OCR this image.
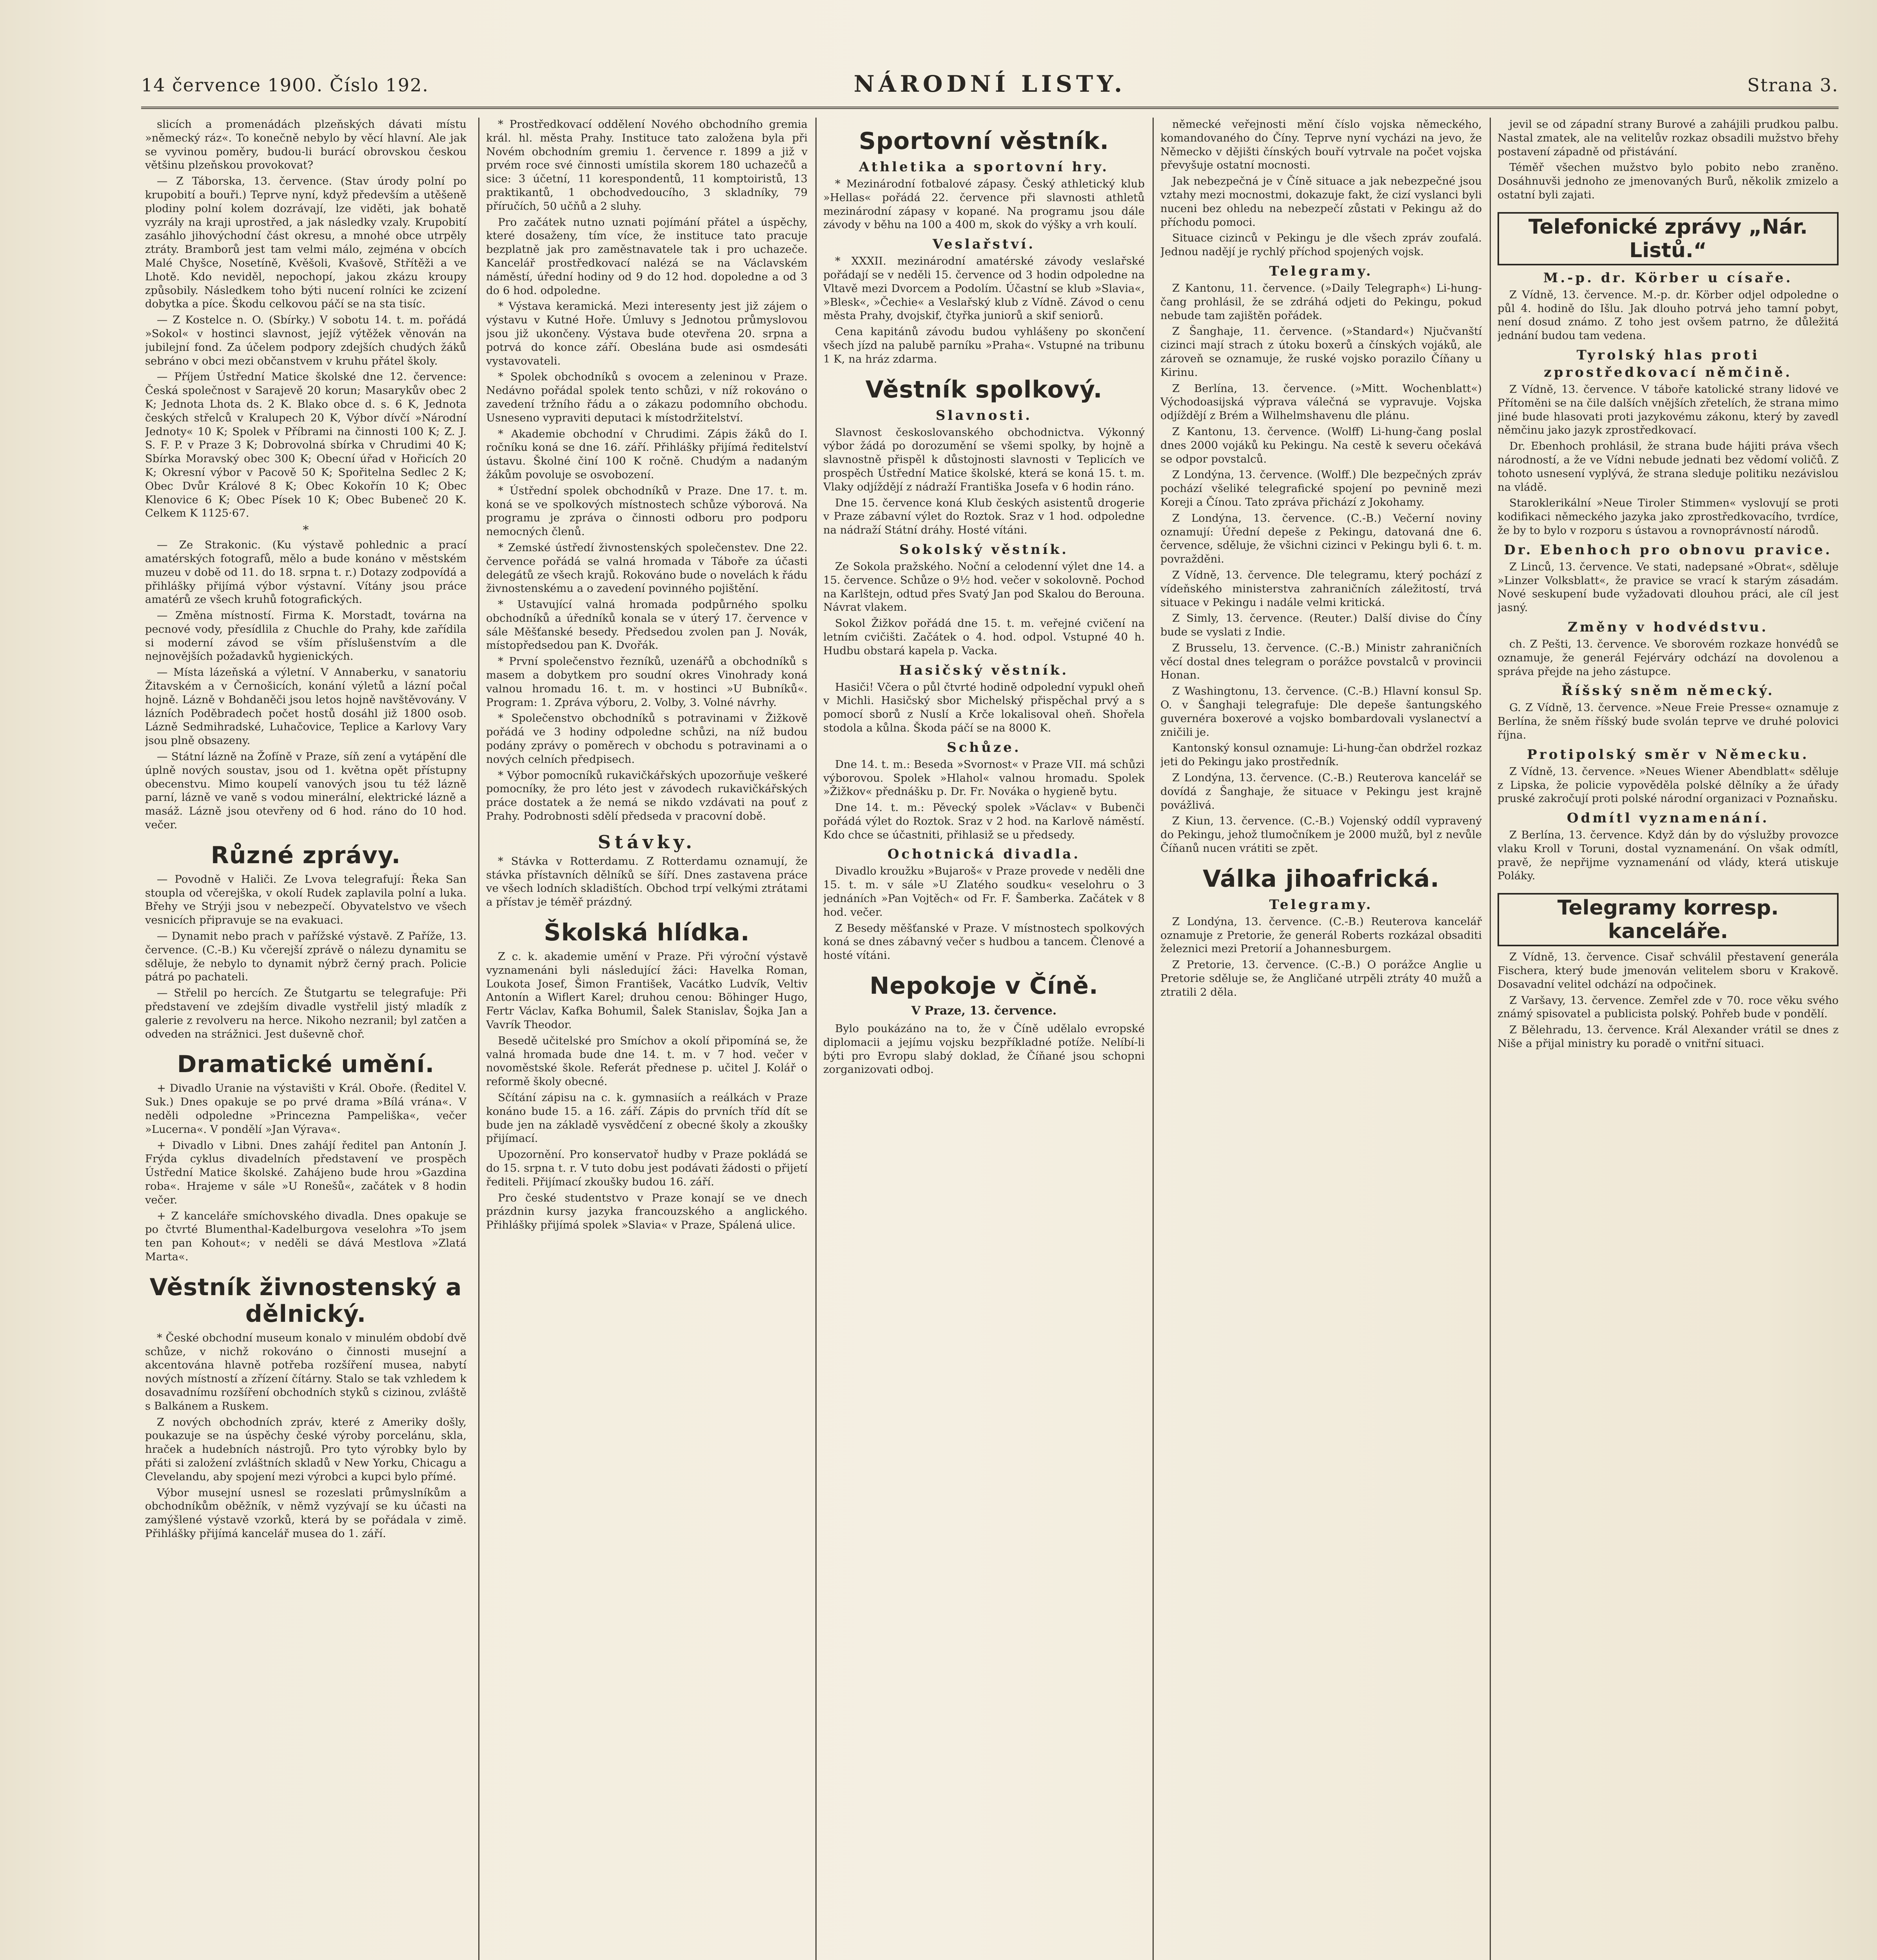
14 července 1900. Číslo 192.	NÁRODNÍ LISTY.	Strana 3.

slicích a promenádách plzeňských dávati místu »německý ráz«. To konečně nebylo by věcí hlavní. Ale jak se vyvinou poměry, budou-li burácí obrovskou českou většinu plzeňskou provokovat?

— Z Táborska, 13. července. (Stav úrody polní po krupobití a bouři.) Teprve nyní, když především a utěšeně plodiny polní kolem dozrávají, lze viděti, jak bohatě vyzrály na kraji uprostřed, a jak následky vzaly. Krupobití zasáhlo jihovýchodní část okresu, a mnohé obce utrpěly ztráty. Bramborů jest tam velmi málo, zejména v obcích Malé Chyšce, Nosetíně, Kvěšoli, Kvašově, Střítěži a ve Lhotě. Kdo neviděl, nepochopí, jakou zkázu kroupy způsobily. Následkem toho býti nucení rolníci ke zcizení dobytka a píce. Škodu celkovou páčí se na sta tisíc.

— Z Kostelce n. O. (Sbírky.) V sobotu 14. t. m. pořádá »Sokol« v hostinci slavnost, jejíž výtěžek věnován na jubilejní fond. Za účelem podpory zdejších chudých žáků sebráno v obci mezi občanstvem v kruhu přátel školy.

— Příjem Ústřední Matice školské dne 12. července: Česká společnost v Sarajevě 20 korun; Masarykův obec 2 K; Jednota Lhota ds. 2 K. Blako obce d. s. 6 K, Jednota českých střelců v Kralupech 20 K, Výbor dívčí »Národní Jednoty« 10 K; Spolek v Příbrami na činnosti 100 K; Z. J. S. F. P. v Praze 3 K; Dobrovolná sbírka v Chrudimi 40 K; Sbírka Moravský obec 300 K; Obecní úřad v Hořicích 20 K; Okresní výbor v Pacově 50 K; Spořitelna Sedlec 2 K; Obec Dvůr Králové 8 K; Obec Kokořín 10 K; Obec Klenovice 6 K; Obec Písek 10 K; Obec Bubeneč 20 K. Celkem K 1125·67.

*

— Ze Strakonic. (Ku výstavě pohlednic a prací amatérských fotografů, mělo a bude konáno v městském muzeu v době od 11. do 18. srpna t. r.) Dotazy zodpovídá a přihlášky přijímá výbor výstavní. Vítány jsou práce amatérů ze všech kruhů fotografických.

— Změna místností. Firma K. Morstadt, továrna na pecnové vody, přesídlila z Chuchle do Prahy, kde zařídila si moderní závod se vším příslušenstvím a dle nejnovějších požadavků hygienických.

— Místa lázeňská a výletní. V Annaberku, v sanatoriu Žitavském a v Černošicích, konání výletů a lázní počal hojně. Lázně v Bohdaněči jsou letos hojně navštěvovány. V lázních Poděbradech počet hostů dosáhl již 1800 osob. Lázně Sedmihradské, Luhačovice, Teplice a Karlovy Vary jsou plně obsazeny.

— Státní lázně na Žofíně v Praze, síň zení a vytápění dle úplně nových soustav, jsou od 1. května opět přístupny obecenstvu. Mimo koupelí vanových jsou tu též lázně parní, lázně ve vaně s vodou minerální, elektrické lázně a masáž. Lázně jsou otevřeny od 6 hod. ráno do 10 hod. večer.

Různé zprávy.

— Povodně v Haliči. Ze Lvova telegrafují: Řeka San stoupla od včerejška, v okolí Rudek zaplavila polní a luka. Břehy ve Strýji jsou v nebezpečí. Obyvatelstvo ve všech vesnicích připravuje se na evakuaci.

— Dynamit nebo prach v pařížské výstavě. Z Paříže, 13. července. (C.-B.) Ku včerejší zprávě o nálezu dynamitu se sděluje, že nebylo to dynamit nýbrž černý prach. Policie pátrá po pachateli.

— Střelil po hercích. Ze Štutgartu se telegrafuje: Při představení ve zdejším divadle vystřelil jistý mladík z galerie z revolveru na herce. Nikoho nezranil; byl zatčen a odveden na strážnici. Jest duševně choř.

Dramatické umění.

+ Divadlo Uranie na výstavišti v Král. Oboře. (Ředitel V. Suk.) Dnes opakuje se po prvé drama »Bílá vrána«. V neděli odpoledne »Princezna Pampeliška«, večer »Lucerna«. V pondělí »Jan Výrava«.

+ Divadlo v Libni. Dnes zahájí ředitel pan Antonín J. Frýda cyklus divadelních představení ve prospěch Ústřední Matice školské. Zahájeno bude hrou »Gazdina roba«. Hrajeme v sále »U Ronešů«, začátek v 8 hodin večer.

+ Z kanceláře smíchovského divadla. Dnes opakuje se po čtvrté Blumenthal-Kadelburgova veselohra »To jsem ten pan Kohout«; v neděli se dává Mestlova »Zlatá Marta«.

Věstník živnostenský a dělnický.

* České obchodní museum konalo v minulém období dvě schůze, v nichž rokováno o činnosti musejní a akcentována hlavně potřeba rozšíření musea, nabytí nových místností a zřízení čítárny. Stalo se tak vzhledem k dosavadnímu rozšíření obchodních styků s cizinou, zvláště s Balkánem a Ruskem.

Z nových obchodních zpráv, které z Ameriky došly, poukazuje se na úspěchy české výroby porcelánu, skla, hraček a hudebních nástrojů. Pro tyto výrobky bylo by přáti si založení zvláštních skladů v New Yorku, Chicagu a Clevelandu, aby spojení mezi výrobci a kupci bylo přímé.

Výbor musejní usnesl se rozeslati průmyslníkům a obchodníkům oběžník, v němž vyzývají se ku účasti na zamýšlené výstavě vzorků, která by se pořádala v zimě. Přihlášky přijímá kancelář musea do 1. září.

* Prostředkovací oddělení Nového obchodního gremia král. hl. města Prahy. Instituce tato založena byla při Novém obchodním gremiu 1. července r. 1899 a již v prvém roce své činnosti umístila skorem 180 uchazečů a sice: 3 účetní, 11 korespondentů, 11 komptoiristů, 13 praktikantů, 1 obchodvedoucího, 3 skladníky, 79 příručích, 50 učňů a 2 sluhy.

Pro začátek nutno uznati pojímání přátel a úspěchy, které dosaženy, tím více, že instituce tato pracuje bezplatně jak pro zaměstnavatele tak i pro uchazeče. Kancelář prostředkovací nalézá se na Václavském náměstí, úřední hodiny od 9 do 12 hod. dopoledne a od 3 do 6 hod. odpoledne.

* Výstava keramická. Mezi interesenty jest již zájem o výstavu v Kutné Hoře. Úmluvy s Jednotou průmyslovou jsou již ukončeny. Výstava bude otevřena 20. srpna a potrvá do konce září. Obeslána bude asi osmdesáti vystavovateli.

* Spolek obchodníků s ovocem a zeleninou v Praze. Nedávno pořádal spolek tento schůzi, v níž rokováno o zavedení tržního řádu a o zákazu podomního obchodu. Usneseno vypraviti deputaci k místodržitelství.

* Akademie obchodní v Chrudimi. Zápis žáků do I. ročníku koná se dne 16. září. Přihlášky přijímá ředitelství ústavu. Školné činí 100 K ročně. Chudým a nadaným žákům povoluje se osvobození.

* Ústřední spolek obchodníků v Praze. Dne 17. t. m. koná se ve spolkových místnostech schůze výborová. Na programu je zpráva o činnosti odboru pro podporu nemocných členů.

* Zemské ústředí živnostenských společenstev. Dne 22. července pořádá se valná hromada v Táboře za účasti delegátů ze všech krajů. Rokováno bude o novelách k řádu živnostenskému a o zavedení povinného pojištění.

* Ustavující valná hromada podpůrného spolku obchodníků a úředníků konala se v úterý 17. července v sále Měšťanské besedy. Předsedou zvolen pan J. Novák, místopředsedou pan K. Dvořák.

* První společenstvo řezníků, uzenářů a obchodníků s masem a dobytkem pro soudní okres Vinohrady koná valnou hromadu 16. t. m. v hostinci »U Bubníků«. Program: 1. Zpráva výboru, 2. Volby, 3. Volné návrhy.

* Společenstvo obchodníků s potravinami v Žižkově pořádá ve 3 hodiny odpoledne schůzi, na níž budou podány zprávy o poměrech v obchodu s potravinami a o nových celních předpisech.

* Výbor pomocníků rukavičkářských upozorňuje veškeré pomocníky, že pro léto jest v závodech rukavičkářských práce dostatek a že nemá se nikdo vzdávati na pouť z Prahy. Podrobnosti sdělí předseda v pracovní době.

Stávky.

* Stávka v Rotterdamu. Z Rotterdamu oznamují, že stávka přístavních dělníků se šíří. Dnes zastavena práce ve všech lodních skladištích. Obchod trpí velkými ztrátami a přístav je téměř prázdný.

Školská hlídka.

Z c. k. akademie umění v Praze. Při výroční výstavě vyznamenáni byli následující žáci: Havelka Roman, Loukota Josef, Šimon František, Vacátko Ludvík, Veltiv Antonín a Wiflert Karel; druhou cenou: Böhinger Hugo, Fertr Václav, Kafka Bohumil, Šalek Stanislav, Šojka Jan a Vavrík Theodor.

Besedě učitelské pro Smíchov a okolí připomíná se, že valná hromada bude dne 14. t. m. v 7 hod. večer v novoměstské škole. Referát přednese p. učitel J. Kolář o reformě školy obecné.

Sčítání zápisu na c. k. gymnasiích a reálkách v Praze konáno bude 15. a 16. září. Zápis do prvních tříd dít se bude jen na základě vysvědčení z obecné školy a zkoušky přijímací.

Upozornění. Pro konservatoř hudby v Praze pokládá se do 15. srpna t. r. V tuto dobu jest podávati žádosti o přijetí řediteli. Přijímací zkoušky budou 16. září.

Pro české studentstvo v Praze konají se ve dnech prázdnin kursy jazyka francouzského a anglického. Přihlášky přijímá spolek »Slavia« v Praze, Spálená ulice.

Sportovní věstník.
Athletika a sportovní hry.

* Mezinárodní fotbalové zápasy. Český athletický klub »Hellas« pořádá 22. července při slavnosti athletů mezinárodní zápasy v kopané. Na programu jsou dále závody v běhu na 100 a 400 m, skok do výšky a vrh koulí.

Veslařství.

* XXXII. mezinárodní amatérské závody veslařské pořádají se v neděli 15. července od 3 hodin odpoledne na Vltavě mezi Dvorcem a Podolím. Účastní se klub »Slavia«, »Blesk«, »Čechie« a Veslařský klub z Vídně. Závod o cenu města Prahy, dvojskif, čtyřka juniorů a skif seniorů.

Cena kapitánů závodu budou vyhlášeny po skončení všech jízd na palubě parníku »Praha«. Vstupné na tribunu 1 K, na hráz zdarma.

Věstník spolkový.
Slavnosti.

Slavnost českoslovanského obchodnictva. Výkonný výbor žádá po dorozumění se všemi spolky, by hojně a slavnostně přispěl k důstojnosti slavnosti v Teplicích ve prospěch Ústřední Matice školské, která se koná 15. t. m. Vlaky odjíždějí z nádraží Františka Josefa v 6 hodin ráno.

Dne 15. července koná Klub českých asistentů drogerie v Praze zábavní výlet do Roztok. Sraz v 1 hod. odpoledne na nádraží Státní dráhy. Hosté vítáni.

Sokolský věstník.

Ze Sokola pražského. Noční a celodenní výlet dne 14. a 15. července. Schůze o 9½ hod. večer v sokolovně. Pochod na Karlštejn, odtud přes Svatý Jan pod Skalou do Berouna. Návrat vlakem.

Sokol Žižkov pořádá dne 15. t. m. veřejné cvičení na letním cvičišti. Začátek o 4. hod. odpol. Vstupné 40 h. Hudbu obstará kapela p. Vacka.

Hasičský věstník.

Hasiči! Včera o půl čtvrté hodině odpolední vypukl oheň v Michli. Hasičský sbor Michelský přispěchal prvý a s pomocí sborů z Nuslí a Krče lokalisoval oheň. Shořela stodola a kůlna. Škoda páčí se na 8000 K.

Schůze.

Dne 14. t. m.: Beseda »Svornost« v Praze VII. má schůzi výborovou. Spolek »Hlahol« valnou hromadu. Spolek »Žižkov« přednášku p. Dr. Fr. Nováka o hygieně bytu.

Dne 14. t. m.: Pěvecký spolek »Václav« v Bubenči pořádá výlet do Roztok. Sraz v 2 hod. na Karlově náměstí. Kdo chce se účastniti, přihlasiž se u předsedy.

Ochotnická divadla.

Divadlo kroužku »Bujaroš« v Praze provede v neděli dne 15. t. m. v sále »U Zlatého soudku« veselohru o 3 jednáních »Pan Vojtěch« od Fr. F. Šamberka. Začátek v 8 hod. večer.

Z Besedy měšťanské v Praze. V místnostech spolkových koná se dnes zábavný večer s hudbou a tancem. Členové a hosté vítáni.

Nepokoje v Číně.
V Praze, 13. července.

Bylo poukázáno na to, že v Číně udělalo evropské diplomacii a jejímu vojsku bezpříkladné potíže. Nelíbí-li býti pro Evropu slabý doklad, že Číňané jsou schopni zorganizovati odboj.

německé veřejnosti mění číslo vojska německého, komandovaného do Číny. Teprve nyní vycházi na jevo, že Německo v dějišti čínských bouří vytrvale na počet vojska převyšuje ostatní mocnosti.

Jak nebezpečná je v Číně situace a jak nebezpečné jsou vztahy mezi mocnostmi, dokazuje fakt, že cizí vyslanci byli nuceni bez ohledu na nebezpečí zůstati v Pekingu až do příchodu pomoci.

Situace cizinců v Pekingu je dle všech zpráv zoufalá. Jednou nadějí je rychlý příchod spojených vojsk.

Telegramy.

Z Kantonu, 11. července. (»Daily Telegraph«) Li-hung-čang prohlásil, že se zdráhá odjeti do Pekingu, pokud nebude tam zajištěn pořádek.

Z Šanghaje, 11. července. (»Standard«) Njučvanští cizinci mají strach z útoku boxerů a čínských vojáků, ale zároveň se oznamuje, že ruské vojsko porazilo Číňany u Kirinu.

Z Berlína, 13. července. (»Mitt. Wochenblatt«) Východoasijská výprava válečná se vypravuje. Vojska odjíždějí z Brém a Wilhelmshavenu dle plánu.

Z Kantonu, 13. července. (Wolff) Li-hung-čang poslal dnes 2000 vojáků ku Pekingu. Na cestě k severu očekává se odpor povstalců.

Z Londýna, 13. července. (Wolff.) Dle bezpečných zpráv pochází všeliké telegrafické spojení po pevnině mezi Koreji a Čínou. Tato zpráva přichází z Jokohamy.

Z Londýna, 13. července. (C.-B.) Večerní noviny oznamují: Úřední depeše z Pekingu, datovaná dne 6. července, sděluje, že všichni cizinci v Pekingu byli 6. t. m. povražděni.

Z Vídně, 13. července. Dle telegramu, který pochází z vídeňského ministerstva zahraničních záležitostí, trvá situace v Pekingu i nadále velmi kritická.

Z Simly, 13. července. (Reuter.) Další divise do Číny bude se vyslati z Indie.

Z Brusselu, 13. července. (C.-B.) Ministr zahraničních věcí dostal dnes telegram o porážce povstalců v provincii Honan.

Z Washingtonu, 13. července. (C.-B.) Hlavní konsul Sp. O. v Šanghaji telegrafuje: Dle depeše šantungského guvernéra boxerové a vojsko bombardovali vyslanectví a zničili je.

Kantonský konsul oznamuje: Li-hung-čan obdržel rozkaz jeti do Pekingu jako prostředník.

Z Londýna, 13. července. (C.-B.) Reuterova kancelář se dovídá z Šanghaje, že situace v Pekingu jest krajně povážlivá.

Z Kiun, 13. července. (C.-B.) Vojenský oddíl vypravený do Pekingu, jehož tlumočníkem je 2000 mužů, byl z nevůle Číňanů nucen vrátiti se zpět.

Válka jihoafrická.
Telegramy.

Z Londýna, 13. července. (C.-B.) Reuterova kancelář oznamuje z Pretorie, že generál Roberts rozkázal obsaditi železnici mezi Pretorií a Johannesburgem.

Z Pretorie, 13. července. (C.-B.) O porážce Anglie u Pretorie sděluje se, že Angličané utrpěli ztráty 40 mužů a ztratili 2 děla.

jevil se od západní strany Burové a zahájili prudkou palbu. Nastal zmatek, ale na velitelův rozkaz obsadili mužstvo břehy postavení západně od přistávání.

Téměř všechen mužstvo bylo pobito nebo zraněno. Dosáhnuvši jednoho ze jmenovaných Burů, několik zmizelo a ostatní byli zajati.

Telefonické zprávy „Nár. Listů.“
M.-p. dr. Körber u císaře.

Z Vídně, 13. července. M.-p. dr. Körber odjel odpoledne o půl 4. hodině do Išlu. Jak dlouho potrvá jeho tamní pobyt, není dosud známo. Z toho jest ovšem patrno, že důležitá jednání budou tam vedena.

Tyrolský hlas proti zprostředkovací němčině.

Z Vídně, 13. července. V táboře katolické strany lidové ve Přítoměni se na čile dalších vnějších zřetelích, že strana mimo jiné bude hlasovati proti jazykovému zákonu, který by zavedl němčinu jako jazyk zprostředkovací.

Dr. Ebenhoch prohlásil, že strana bude hájiti práva všech národností, a že ve Vídni nebude jednati bez vědomí voličů. Z tohoto usnesení vyplývá, že strana sleduje politiku nezávislou na vládě.

Staroklerikální »Neue Tiroler Stimmen« vyslovují se proti kodifikaci německého jazyka jako zprostředkovacího, tvrdíce, že by to bylo v rozporu s ústavou a rovnoprávností národů.

Dr. Ebenhoch pro obnovu pravice.

Z Linců, 13. července. Ve stati, nadepsané »Obrat«, sděluje »Linzer Volksblatt«, že pravice se vrací k starým zásadám. Nové seskupení bude vyžadovati dlouhou práci, ale cíl jest jasný.

Změny v hodvédstvu.

ch. Z Pešti, 13. července. Ve sborovém rozkaze honvédů se oznamuje, že generál Fejérváry odchází na dovolenou a správa přejde na jeho zástupce.

Říšský sněm německý.

G. Z Vídně, 13. července. »Neue Freie Presse« oznamuje z Berlína, že sněm říšský bude svolán teprve ve druhé polovici října.

Protipolský směr v Německu.

Z Vídně, 13. července. »Neues Wiener Abendblatt« sděluje z Lipska, že policie vypověděla polské dělníky a že úřady pruské zakročují proti polské národní organizaci v Poznaňsku.

Odmítl vyznamenání.

Z Berlína, 13. července. Když dán by do výslužby provozce vlaku Kroll v Toruni, dostal vyznamenání. On však odmítl, pravě, že nepřijme vyznamenání od vlády, která utiskuje Poláky.

Telegramy korresp. kanceláře.

Z Vídně, 13. července. Cisař schválil přestavení generála Fischera, který bude jmenován velitelem sboru v Krakově. Dosavadní velitel odchází na odpočinek.

Z Varšavy, 13. července. Zemřel zde v 70. roce věku svého známý spisovatel a publicista polský. Pohřeb bude v pondělí.

Z Bělehradu, 13. července. Král Alexander vrátil se dnes z Niše a přijal ministry ku poradě o vnitřní situaci.
